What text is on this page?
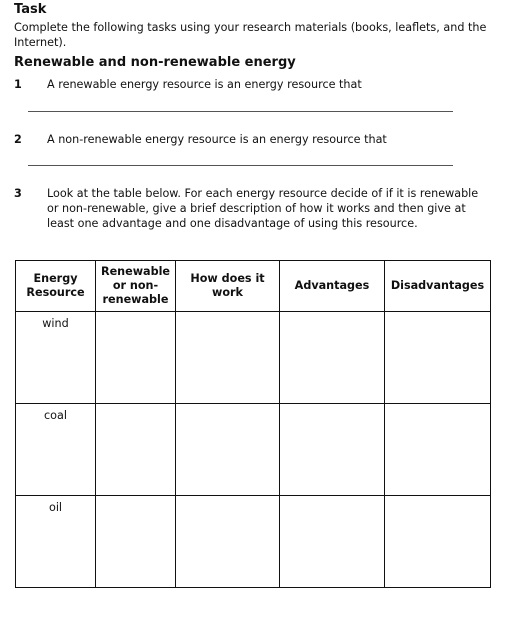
Task

Complete the following tasks using your research materials (books, leaflets, and the Internet).

Renewable and non-renewable energy
1 A renewable energy resource is an energy resource that
2 A non-renewable energy resource is an energy resource that
3 Look at the table below. For each energy resource decide of if it is renewable or non-renewable, give a brief description of how it works and then give at least one advantage and one disadvantage of using this resource.
Energy Resource	Renewable or non-renewable	How does it work	Advantages	Disadvantages
wind				
coal				
oil				
